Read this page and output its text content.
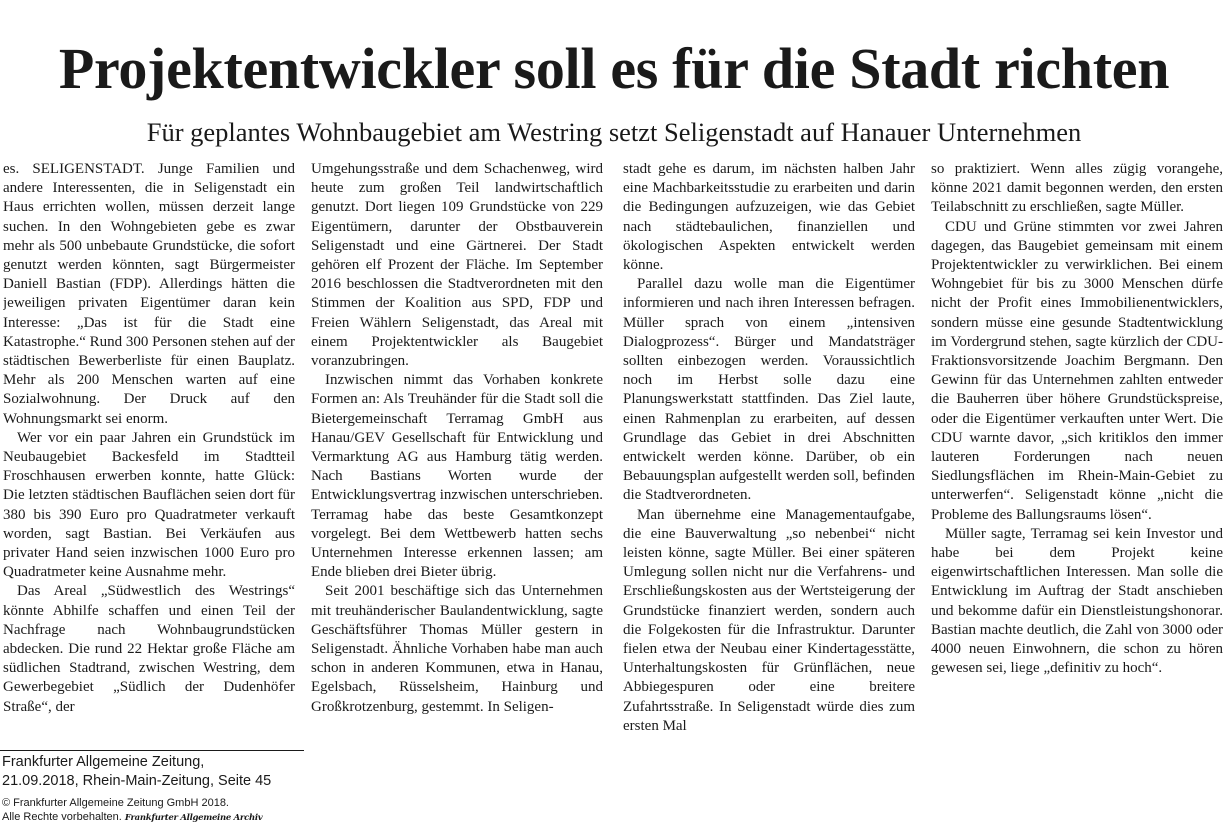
Projektentwickler soll es für die Stadt richten
Für geplantes Wohnbaugebiet am Westring setzt Seligenstadt auf Hanauer Unternehmen

es. SELIGENSTADT. Junge Familien und andere Interessenten, die in Seligenstadt ein Haus errichten wollen, müssen derzeit lange suchen. In den Wohngebieten gebe es zwar mehr als 500 unbebaute Grundstücke, die sofort genutzt werden könnten, sagt Bürgermeister Daniell Bastian (FDP). Allerdings hätten die jeweiligen privaten Eigentümer daran kein Interesse: „Das ist für die Stadt eine Katastrophe.“ Rund 300 Personen stehen auf der städtischen Bewerberliste für einen Bauplatz. Mehr als 200 Menschen warten auf eine Sozialwohnung. Der Druck auf den Wohnungsmarkt sei enorm.

Wer vor ein paar Jahren ein Grundstück im Neubaugebiet Backesfeld im Stadtteil Froschhausen erwerben konnte, hatte Glück: Die letzten städtischen Bauflächen seien dort für 380 bis 390 Euro pro Quadratmeter verkauft worden, sagt Bastian. Bei Verkäufen aus privater Hand seien inzwischen 1000 Euro pro Quadratmeter keine Ausnahme mehr.

Das Areal „Südwestlich des Westrings“ könnte Abhilfe schaffen und einen Teil der Nachfrage nach Wohnbaugrundstücken abdecken. Die rund 22 Hektar große Fläche am südlichen Stadtrand, zwischen Westring, dem Gewerbegebiet „Südlich der Dudenhöfer Straße“, der

Umgehungsstraße und dem Schachenweg, wird heute zum großen Teil landwirtschaftlich genutzt. Dort liegen 109 Grundstücke von 229 Eigentümern, darunter der Obstbauverein Seligenstadt und eine Gärtnerei. Der Stadt gehören elf Prozent der Fläche. Im September 2016 beschlossen die Stadtverordneten mit den Stimmen der Koalition aus SPD, FDP und Freien Wählern Seligenstadt, das Areal mit einem Projektentwickler als Baugebiet voranzubringen.

Inzwischen nimmt das Vorhaben konkrete Formen an: Als Treuhänder für die Stadt soll die Bietergemeinschaft Terramag GmbH aus Hanau/GEV Gesellschaft für Entwicklung und Vermarktung AG aus Hamburg tätig werden. Nach Bastians Worten wurde der Entwicklungsvertrag inzwischen unterschrieben. Terramag habe das beste Gesamtkonzept vorgelegt. Bei dem Wettbewerb hatten sechs Unternehmen Interesse erkennen lassen; am Ende blieben drei Bieter übrig.

Seit 2001 beschäftige sich das Unternehmen mit treuhänderischer Baulandentwicklung, sagte Geschäftsführer Thomas Müller gestern in Seligenstadt. Ähnliche Vorhaben habe man auch schon in anderen Kommunen, etwa in Hanau, Egelsbach, Rüsselsheim, Hainburg und Großkrotzenburg, gestemmt. In Seligen-

stadt gehe es darum, im nächsten halben Jahr eine Machbarkeitsstudie zu erarbeiten und darin die Bedingungen aufzuzeigen, wie das Gebiet nach städtebaulichen, finanziellen und ökologischen Aspekten entwickelt werden könne.

Parallel dazu wolle man die Eigentümer informieren und nach ihren Interessen befragen. Müller sprach von einem „intensiven Dialogprozess“. Bürger und Mandatsträger sollten einbezogen werden. Voraussichtlich noch im Herbst solle dazu eine Planungswerkstatt stattfinden. Das Ziel laute, einen Rahmenplan zu erarbeiten, auf dessen Grundlage das Gebiet in drei Abschnitten entwickelt werden könne. Darüber, ob ein Bebauungsplan aufgestellt werden soll, befinden die Stadtverordneten.

Man übernehme eine Managementaufgabe, die eine Bauverwaltung „so nebenbei“ nicht leisten könne, sagte Müller. Bei einer späteren Umlegung sollen nicht nur die Verfahrens- und Erschließungskosten aus der Wertsteigerung der Grundstücke finanziert werden, sondern auch die Folgekosten für die Infrastruktur. Darunter fielen etwa der Neubau einer Kindertagesstätte, Unterhaltungskosten für Grünflächen, neue Abbiegespuren oder eine breitere Zufahrtsstraße. In Seligenstadt würde dies zum ersten Mal

so praktiziert. Wenn alles zügig vorangehe, könne 2021 damit begonnen werden, den ersten Teilabschnitt zu erschließen, sagte Müller.

CDU und Grüne stimmten vor zwei Jahren dagegen, das Baugebiet gemeinsam mit einem Projektentwickler zu verwirklichen. Bei einem Wohngebiet für bis zu 3000 Menschen dürfe nicht der Profit eines Immobilienentwicklers, sondern müsse eine gesunde Stadtentwicklung im Vordergrund stehen, sagte kürzlich der CDU-Fraktionsvorsitzende Joachim Bergmann. Den Gewinn für das Unternehmen zahlten entweder die Bauherren über höhere Grundstückspreise, oder die Eigentümer verkauften unter Wert. Die CDU warnte davor, „sich kritiklos den immer lauteren Forderungen nach neuen Siedlungsflächen im Rhein-Main-Gebiet zu unterwerfen“. Seligenstadt könne „nicht die Probleme des Ballungsraums lösen“.

Müller sagte, Terramag sei kein Investor und habe bei dem Projekt keine eigenwirtschaftlichen Interessen. Man solle die Entwicklung im Auftrag der Stadt anschieben und bekomme dafür ein Dienstleistungshonorar. Bastian machte deutlich, die Zahl von 3000 oder 4000 neuen Einwohnern, die schon zu hören gewesen sei, liege „definitiv zu hoch“.

Frankfurter Allgemeine Zeitung,
21.09.2018, Rhein-Main-Zeitung, Seite 45
© Frankfurter Allgemeine Zeitung GmbH 2018.
Alle Rechte vorbehalten. Frankfurter Allgemeine Archiv
